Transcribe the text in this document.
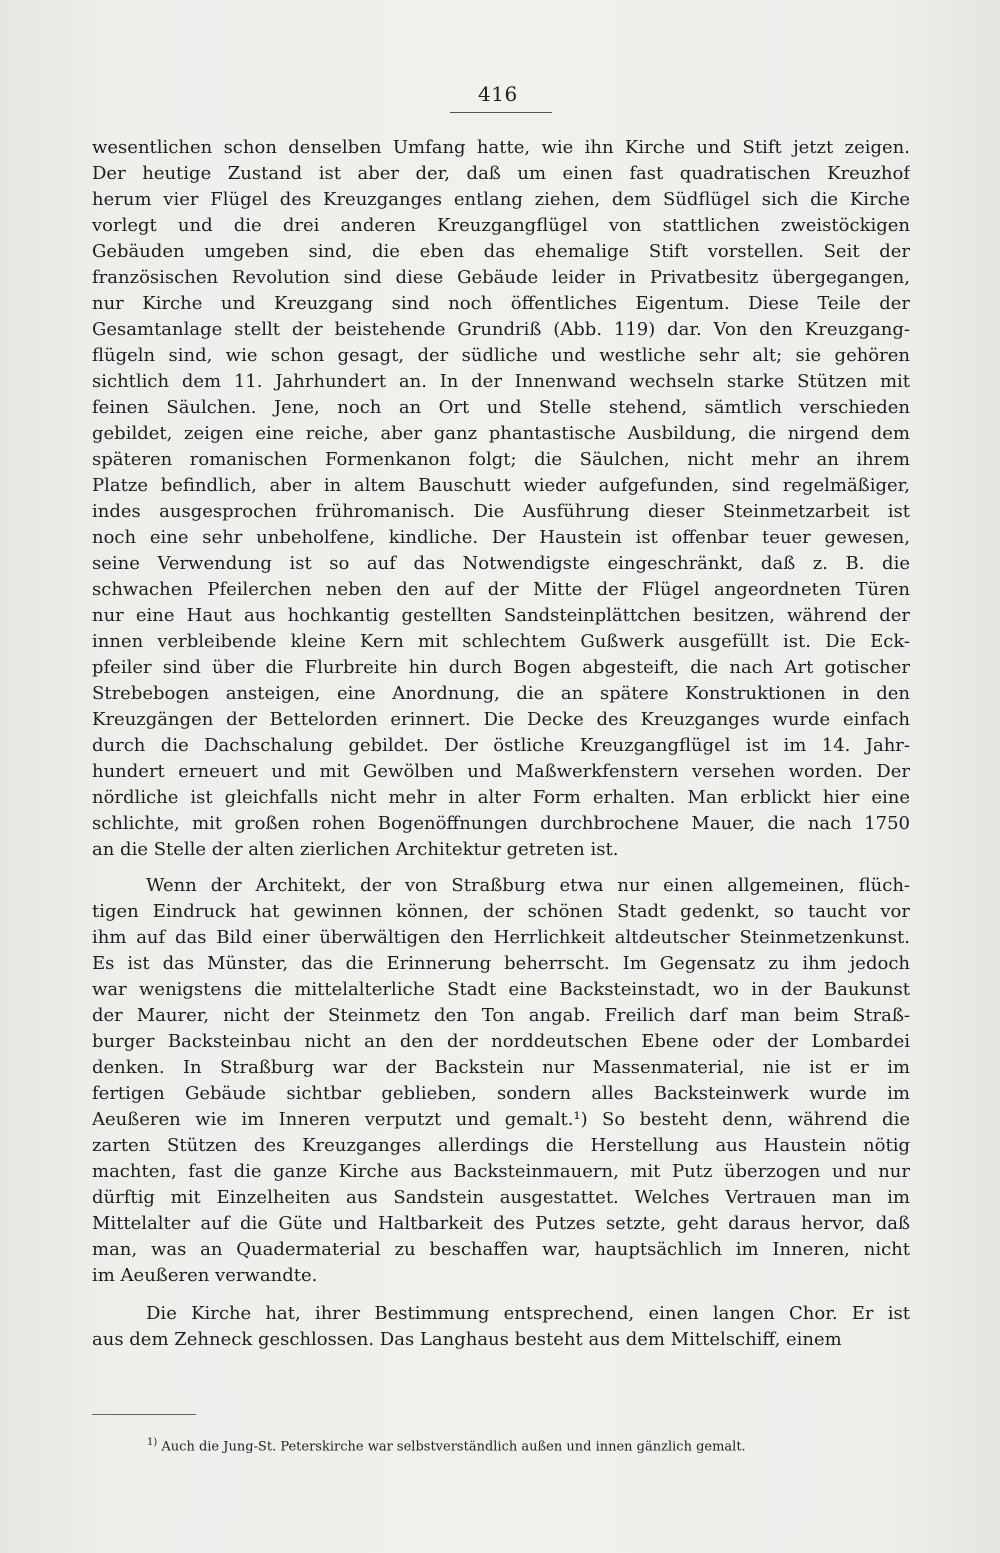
416
wesentlichen schon denselben Umfang hatte, wie ihn Kirche und Stift jetzt zeigen.
Der heutige Zustand ist aber der, daß um einen fast quadratischen Kreuzhof
herum vier Flügel des Kreuzganges entlang ziehen, dem Südflügel sich die Kirche
vorlegt und die drei anderen Kreuzgangflügel von stattlichen zweistöckigen
Gebäuden umgeben sind, die eben das ehemalige Stift vorstellen. Seit der
französischen Revolution sind diese Gebäude leider in Privatbesitz übergegangen,
nur Kirche und Kreuzgang sind noch öffentliches Eigentum. Diese Teile der
Gesamtanlage stellt der beistehende Grundriß (Abb. 119) dar. Von den Kreuzgang-
flügeln sind, wie schon gesagt, der südliche und westliche sehr alt; sie gehören
sichtlich dem 11. Jahrhundert an. In der Innenwand wechseln starke Stützen mit
feinen Säulchen. Jene, noch an Ort und Stelle stehend, sämtlich verschieden
gebildet, zeigen eine reiche, aber ganz phantastische Ausbildung, die nirgend dem
späteren romanischen Formenkanon folgt; die Säulchen, nicht mehr an ihrem
Platze befindlich, aber in altem Bauschutt wieder aufgefunden, sind regelmäßiger,
indes ausgesprochen frühromanisch. Die Ausführung dieser Steinmetzarbeit ist
noch eine sehr unbeholfene, kindliche. Der Haustein ist offenbar teuer gewesen,
seine Verwendung ist so auf das Notwendigste eingeschränkt, daß z. B. die
schwachen Pfeilerchen neben den auf der Mitte der Flügel angeordneten Türen
nur eine Haut aus hochkantig gestellten Sandsteinplättchen besitzen, während der
innen verbleibende kleine Kern mit schlechtem Gußwerk ausgefüllt ist. Die Eck-
pfeiler sind über die Flurbreite hin durch Bogen abgesteift, die nach Art gotischer
Strebebogen ansteigen, eine Anordnung, die an spätere Konstruktionen in den
Kreuzgängen der Bettelorden erinnert. Die Decke des Kreuzganges wurde einfach
durch die Dachschalung gebildet. Der östliche Kreuzgangflügel ist im 14. Jahr-
hundert erneuert und mit Gewölben und Maßwerkfenstern versehen worden. Der
nördliche ist gleichfalls nicht mehr in alter Form erhalten. Man erblickt hier eine
schlichte, mit großen rohen Bogenöffnungen durchbrochene Mauer, die nach 1750
an die Stelle der alten zierlichen Architektur getreten ist.
Wenn der Architekt, der von Straßburg etwa nur einen allgemeinen, flüch-
tigen Eindruck hat gewinnen können, der schönen Stadt gedenkt, so taucht vor
ihm auf das Bild einer überwältigen den Herrlichkeit altdeutscher Steinmetzenkunst.
Es ist das Münster, das die Erinnerung beherrscht. Im Gegensatz zu ihm jedoch
war wenigstens die mittelalterliche Stadt eine Backsteinstadt, wo in der Baukunst
der Maurer, nicht der Steinmetz den Ton angab. Freilich darf man beim Straß-
burger Backsteinbau nicht an den der norddeutschen Ebene oder der Lombardei
denken. In Straßburg war der Backstein nur Massenmaterial, nie ist er im
fertigen Gebäude sichtbar geblieben, sondern alles Backsteinwerk wurde im
Aeußeren wie im Inneren verputzt und gemalt.¹) So besteht denn, während die
zarten Stützen des Kreuzganges allerdings die Herstellung aus Haustein nötig
machten, fast die ganze Kirche aus Backsteinmauern, mit Putz überzogen und nur
dürftig mit Einzelheiten aus Sandstein ausgestattet. Welches Vertrauen man im
Mittelalter auf die Güte und Haltbarkeit des Putzes setzte, geht daraus hervor, daß
man, was an Quadermaterial zu beschaffen war, hauptsächlich im Inneren, nicht
im Aeußeren verwandte.
Die Kirche hat, ihrer Bestimmung entsprechend, einen langen Chor. Er ist
aus dem Zehneck geschlossen. Das Langhaus besteht aus dem Mittelschiff, einem
$^{1)}$ Auch die Jung-St. Peterskirche war selbstverständlich außen und innen gänzlich gemalt.
